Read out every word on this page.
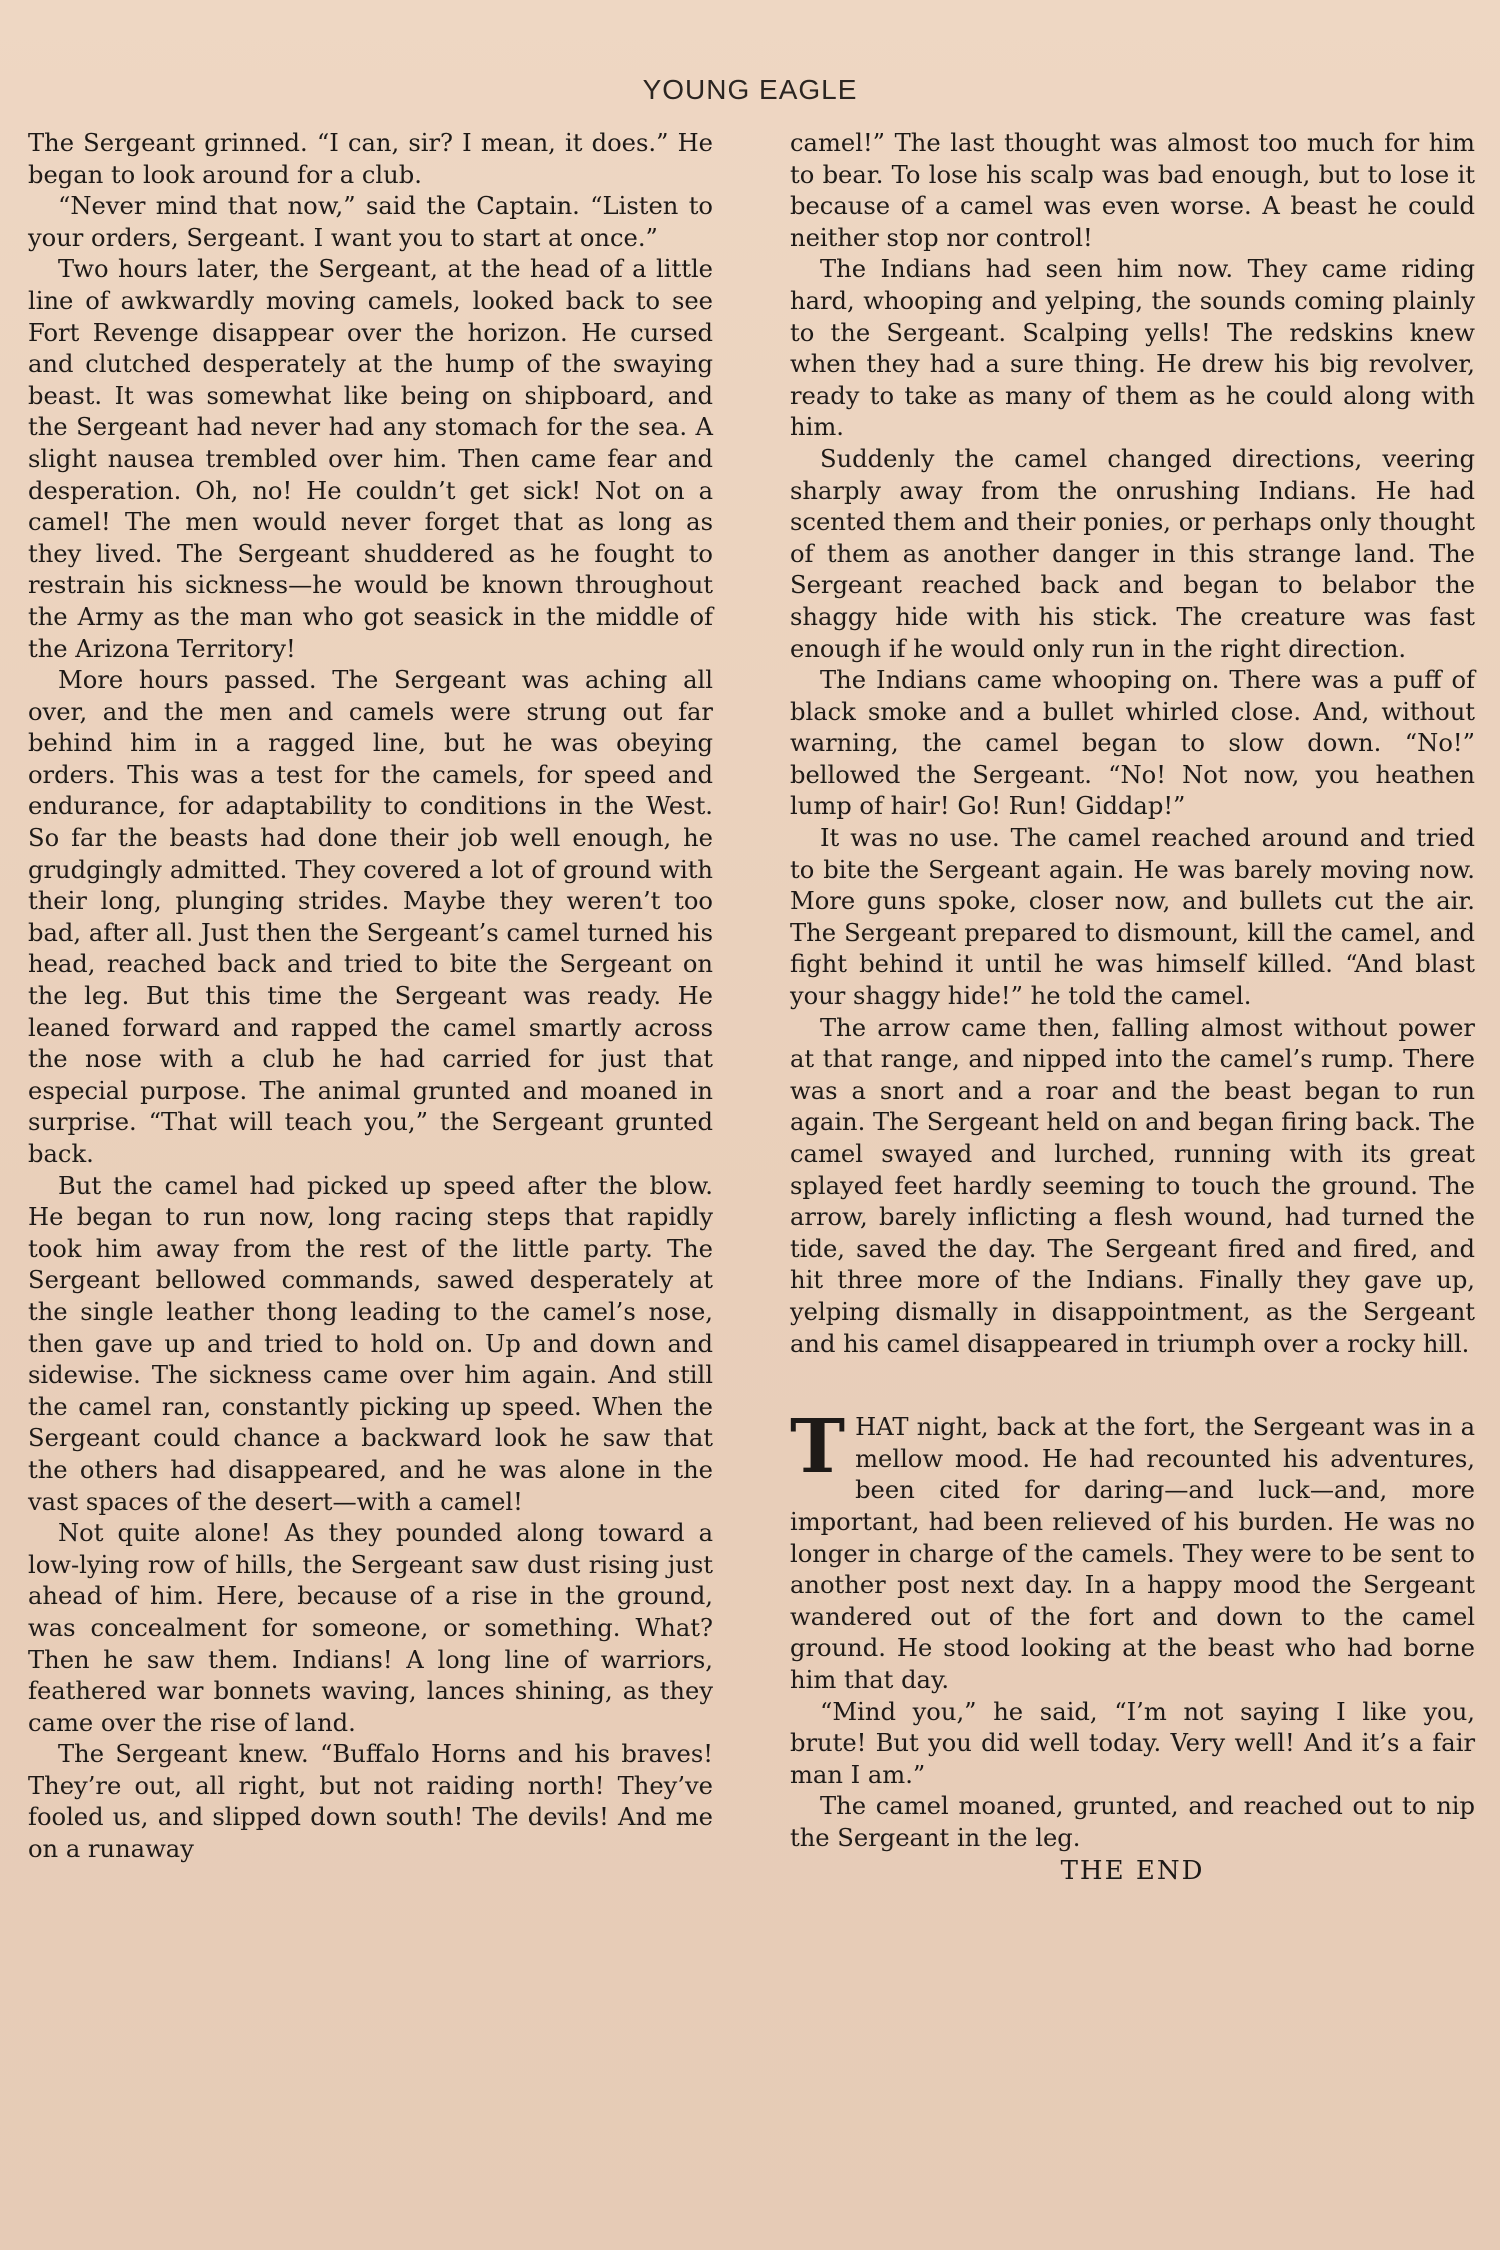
YOUNG EAGLE

The Sergeant grinned. “I can, sir? I mean, it does.” He began to look around for a club.

“Never mind that now,” said the Captain. “Listen to your orders, Sergeant. I want you to start at once.”

Two hours later, the Sergeant, at the head of a little line of awkwardly moving camels, looked back to see Fort Revenge disappear over the horizon. He cursed and clutched desperately at the hump of the swaying beast. It was somewhat like being on shipboard, and the Sergeant had never had any stomach for the sea. A slight nausea trembled over him. Then came fear and desperation. Oh, no! He couldn’t get sick! Not on a camel! The men would never forget that as long as they lived. The Sergeant shuddered as he fought to restrain his sickness—he would be known throughout the Army as the man who got seasick in the middle of the Arizona Territory!

More hours passed. The Sergeant was aching all over, and the men and camels were strung out far behind him in a ragged line, but he was obeying orders. This was a test for the camels, for speed and endurance, for adaptability to conditions in the West. So far the beasts had done their job well enough, he grudgingly admitted. They covered a lot of ground with their long, plunging strides. Maybe they weren’t too bad, after all. Just then the Sergeant’s camel turned his head, reached back and tried to bite the Sergeant on the leg. But this time the Sergeant was ready. He leaned forward and rapped the camel smartly across the nose with a club he had carried for just that especial purpose. The animal grunted and moaned in surprise. “That will teach you,” the Sergeant grunted back.

But the camel had picked up speed after the blow. He began to run now, long racing steps that rapidly took him away from the rest of the little party. The Sergeant bellowed commands, sawed desperately at the single leather thong leading to the camel’s nose, then gave up and tried to hold on. Up and down and sidewise. The sickness came over him again. And still the camel ran, constantly picking up speed. When the Sergeant could chance a backward look he saw that the others had disappeared, and he was alone in the vast spaces of the desert—with a camel!

Not quite alone! As they pounded along toward a low-lying row of hills, the Sergeant saw dust rising just ahead of him. Here, because of a rise in the ground, was concealment for someone, or something. What? Then he saw them. Indians! A long line of warriors, feathered war bonnets waving, lances shining, as they came over the rise of land.

The Sergeant knew. “Buffalo Horns and his braves! They’re out, all right, but not raiding north! They’ve fooled us, and slipped down south! The devils! And me on a runaway

camel!” The last thought was almost too much for him to bear. To lose his scalp was bad enough, but to lose it because of a camel was even worse. A beast he could neither stop nor control!

The Indians had seen him now. They came riding hard, whooping and yelping, the sounds coming plainly to the Sergeant. Scalping yells! The redskins knew when they had a sure thing. He drew his big revolver, ready to take as many of them as he could along with him.

Suddenly the camel changed directions, veering sharply away from the onrushing Indians. He had scented them and their ponies, or perhaps only thought of them as another danger in this strange land. The Sergeant reached back and began to belabor the shaggy hide with his stick. The creature was fast enough if he would only run in the right direction.

The Indians came whooping on. There was a puff of black smoke and a bullet whirled close. And, without warning, the camel began to slow down. “No!” bellowed the Sergeant. “No! Not now, you heathen lump of hair! Go! Run! Giddap!”

It was no use. The camel reached around and tried to bite the Sergeant again. He was barely moving now. More guns spoke, closer now, and bullets cut the air. The Sergeant prepared to dismount, kill the camel, and fight behind it until he was himself killed. “And blast your shaggy hide!” he told the camel.

The arrow came then, falling almost without power at that range, and nipped into the camel’s rump. There was a snort and a roar and the beast began to run again. The Sergeant held on and began firing back. The camel swayed and lurched, running with its great splayed feet hardly seeming to touch the ground. The arrow, barely inflicting a flesh wound, had turned the tide, saved the day. The Sergeant fired and fired, and hit three more of the Indians. Finally they gave up, yelping dismally in disappointment, as the Sergeant and his camel disappeared in triumph over a rocky hill.

THAT night, back at the fort, the Sergeant was in a mellow mood. He had recounted his adventures, been cited for daring—and luck—and, more important, had been relieved of his burden. He was no longer in charge of the camels. They were to be sent to another post next day. In a happy mood the Sergeant wandered out of the fort and down to the camel ground. He stood looking at the beast who had borne him that day.

“Mind you,” he said, “I’m not saying I like you, brute! But you did well today. Very well! And it’s a fair man I am.”

The camel moaned, grunted, and reached out to nip the Sergeant in the leg.

THE END
